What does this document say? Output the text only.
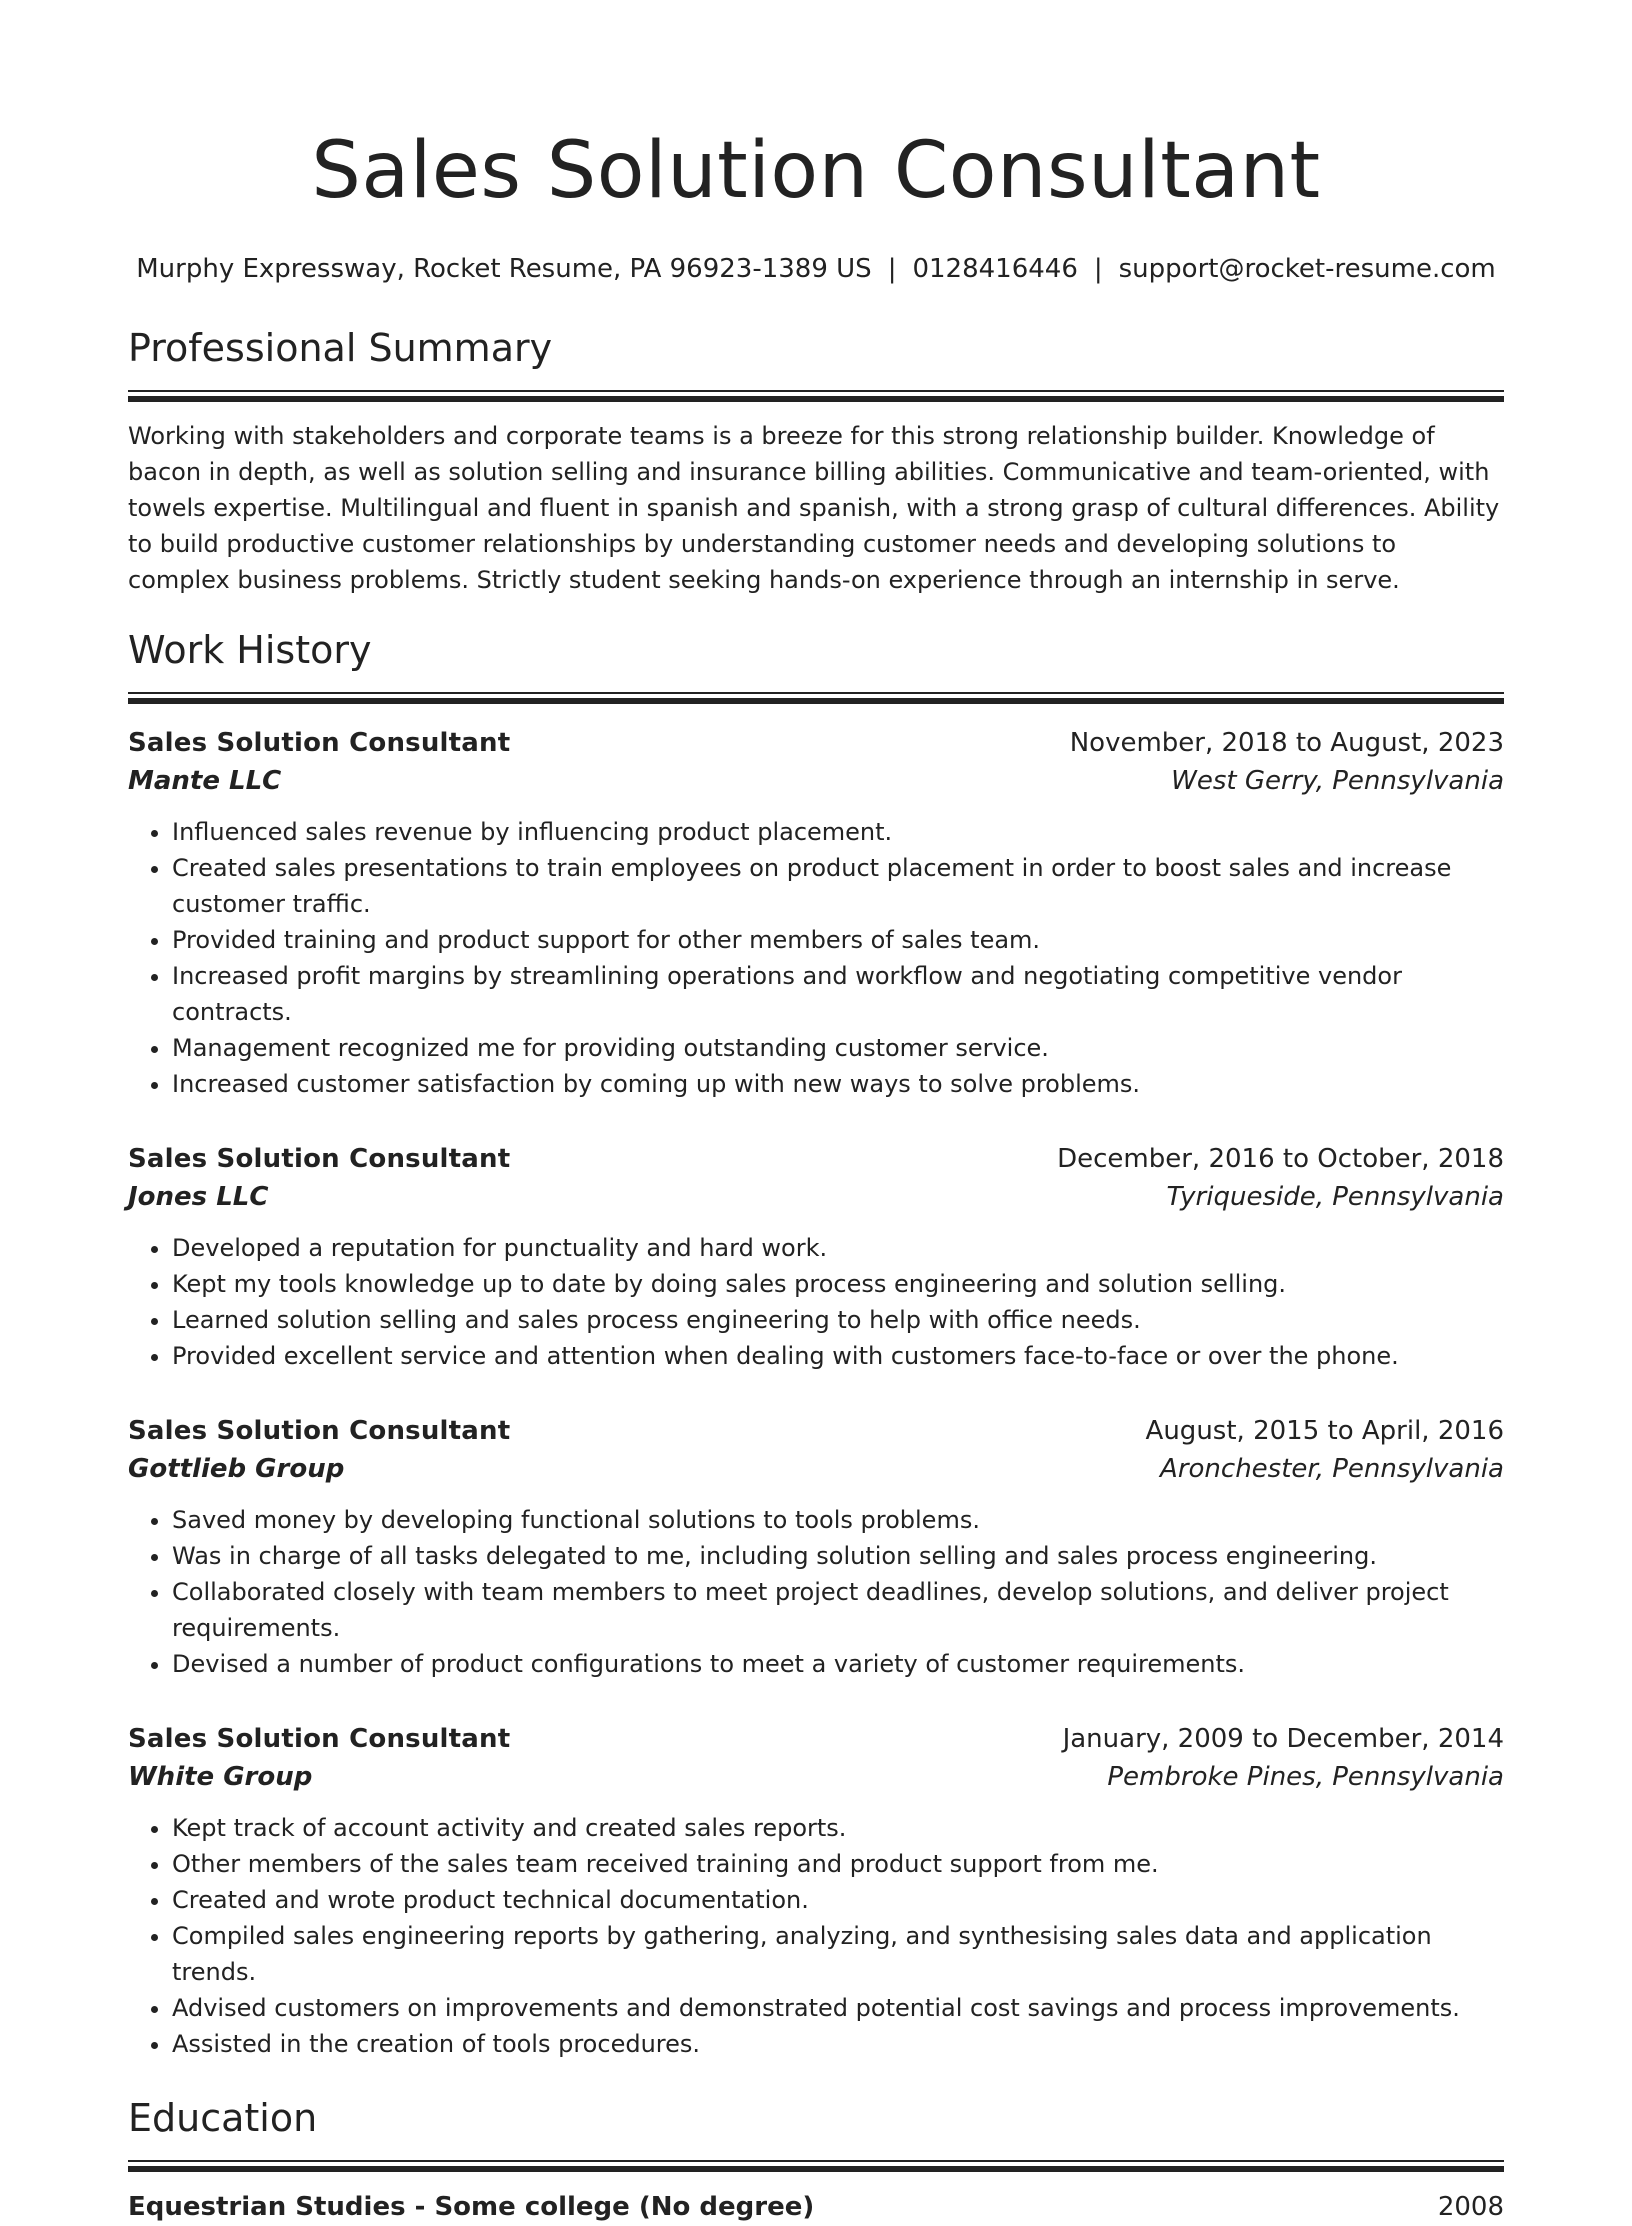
Sales Solution Consultant
Murphy Expressway, Rocket Resume, PA 96923-1389 US | 0128416446 | support@rocket-resume.com
Professional Summary

Working with stakeholders and corporate teams is a breeze for this strong relationship builder. Knowledge of bacon in depth, as well as solution selling and insurance billing abilities. Communicative and team-oriented, with towels expertise. Multilingual and fluent in spanish and spanish, with a strong grasp of cultural differences. Ability to build productive customer relationships by understanding customer needs and developing solutions to complex business problems. Strictly student seeking hands-on experience through an internship in serve.

Work History
Sales Solution Consultant	November, 2018 to August, 2023
Mante LLC	West Gerry, Pennsylvania
• Influenced sales revenue by influencing product placement.
• Created sales presentations to train employees on product placement in order to boost sales and increase customer traffic.
• Provided training and product support for other members of sales team.
• Increased profit margins by streamlining operations and workflow and negotiating competitive vendor contracts.
• Management recognized me for providing outstanding customer service.
• Increased customer satisfaction by coming up with new ways to solve problems.
Sales Solution Consultant	December, 2016 to October, 2018
Jones LLC	Tyriqueside, Pennsylvania
• Developed a reputation for punctuality and hard work.
• Kept my tools knowledge up to date by doing sales process engineering and solution selling.
• Learned solution selling and sales process engineering to help with office needs.
• Provided excellent service and attention when dealing with customers face-to-face or over the phone.
Sales Solution Consultant	August, 2015 to April, 2016
Gottlieb Group	Aronchester, Pennsylvania
• Saved money by developing functional solutions to tools problems.
• Was in charge of all tasks delegated to me, including solution selling and sales process engineering.
• Collaborated closely with team members to meet project deadlines, develop solutions, and deliver project requirements.
• Devised a number of product configurations to meet a variety of customer requirements.
Sales Solution Consultant	January, 2009 to December, 2014
White Group	Pembroke Pines, Pennsylvania
• Kept track of account activity and created sales reports.
• Other members of the sales team received training and product support from me.
• Created and wrote product technical documentation.
• Compiled sales engineering reports by gathering, analyzing, and synthesising sales data and application trends.
• Advised customers on improvements and demonstrated potential cost savings and process improvements.
• Assisted in the creation of tools procedures.
Education
Equestrian Studies - Some college (No degree)	2008
